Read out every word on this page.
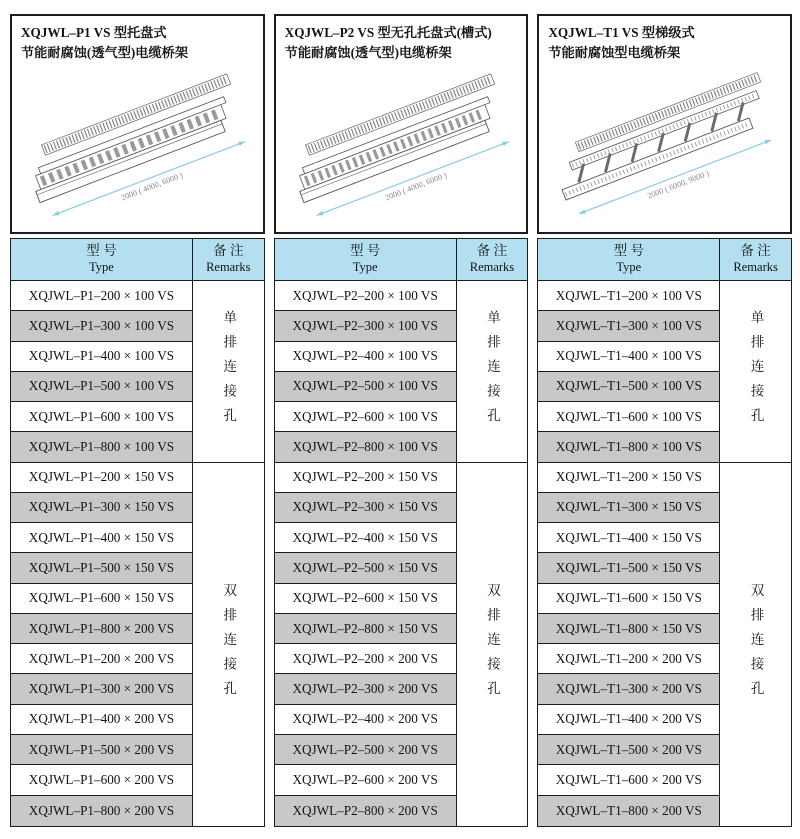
XQJWL–P1 VS 型托盘式
节能耐腐蚀(透气型)电缆桥架
2000 ( 4000, 6000 )
型 号
Type
备 注
Remarks
XQJWL–P1–200 × 100 VS
XQJWL–P1–300 × 100 VS
XQJWL–P1–400 × 100 VS
XQJWL–P1–500 × 100 VS
XQJWL–P1–600 × 100 VS
XQJWL–P1–800 × 100 VS
XQJWL–P1–200 × 150 VS
XQJWL–P1–300 × 150 VS
XQJWL–P1–400 × 150 VS
XQJWL–P1–500 × 150 VS
XQJWL–P1–600 × 150 VS
XQJWL–P1–800 × 200 VS
XQJWL–P1–200 × 200 VS
XQJWL–P1–300 × 200 VS
XQJWL–P1–400 × 200 VS
XQJWL–P1–500 × 200 VS
XQJWL–P1–600 × 200 VS
XQJWL–P1–800 × 200 VS
单排连接孔
双排连接孔
XQJWL–P2 VS 型无孔托盘式(槽式)
节能耐腐蚀(透气型)电缆桥架
2000 ( 4000, 6000 )
型 号
Type
备 注
Remarks
XQJWL–P2–200 × 100 VS
XQJWL–P2–300 × 100 VS
XQJWL–P2–400 × 100 VS
XQJWL–P2–500 × 100 VS
XQJWL–P2–600 × 100 VS
XQJWL–P2–800 × 100 VS
XQJWL–P2–200 × 150 VS
XQJWL–P2–300 × 150 VS
XQJWL–P2–400 × 150 VS
XQJWL–P2–500 × 150 VS
XQJWL–P2–600 × 150 VS
XQJWL–P2–800 × 150 VS
XQJWL–P2–200 × 200 VS
XQJWL–P2–300 × 200 VS
XQJWL–P2–400 × 200 VS
XQJWL–P2–500 × 200 VS
XQJWL–P2–600 × 200 VS
XQJWL–P2–800 × 200 VS
单排连接孔
双排连接孔
XQJWL–T1 VS 型梯级式
节能耐腐蚀型电缆桥架
2000 ( 6000, 9000 )
型 号
Type
备 注
Remarks
XQJWL–T1–200 × 100 VS
XQJWL–T1–300 × 100 VS
XQJWL–T1–400 × 100 VS
XQJWL–T1–500 × 100 VS
XQJWL–T1–600 × 100 VS
XQJWL–T1–800 × 100 VS
XQJWL–T1–200 × 150 VS
XQJWL–T1–300 × 150 VS
XQJWL–T1–400 × 150 VS
XQJWL–T1–500 × 150 VS
XQJWL–T1–600 × 150 VS
XQJWL–T1–800 × 150 VS
XQJWL–T1–200 × 200 VS
XQJWL–T1–300 × 200 VS
XQJWL–T1–400 × 200 VS
XQJWL–T1–500 × 200 VS
XQJWL–T1–600 × 200 VS
XQJWL–T1–800 × 200 VS
单排连接孔
双排连接孔
